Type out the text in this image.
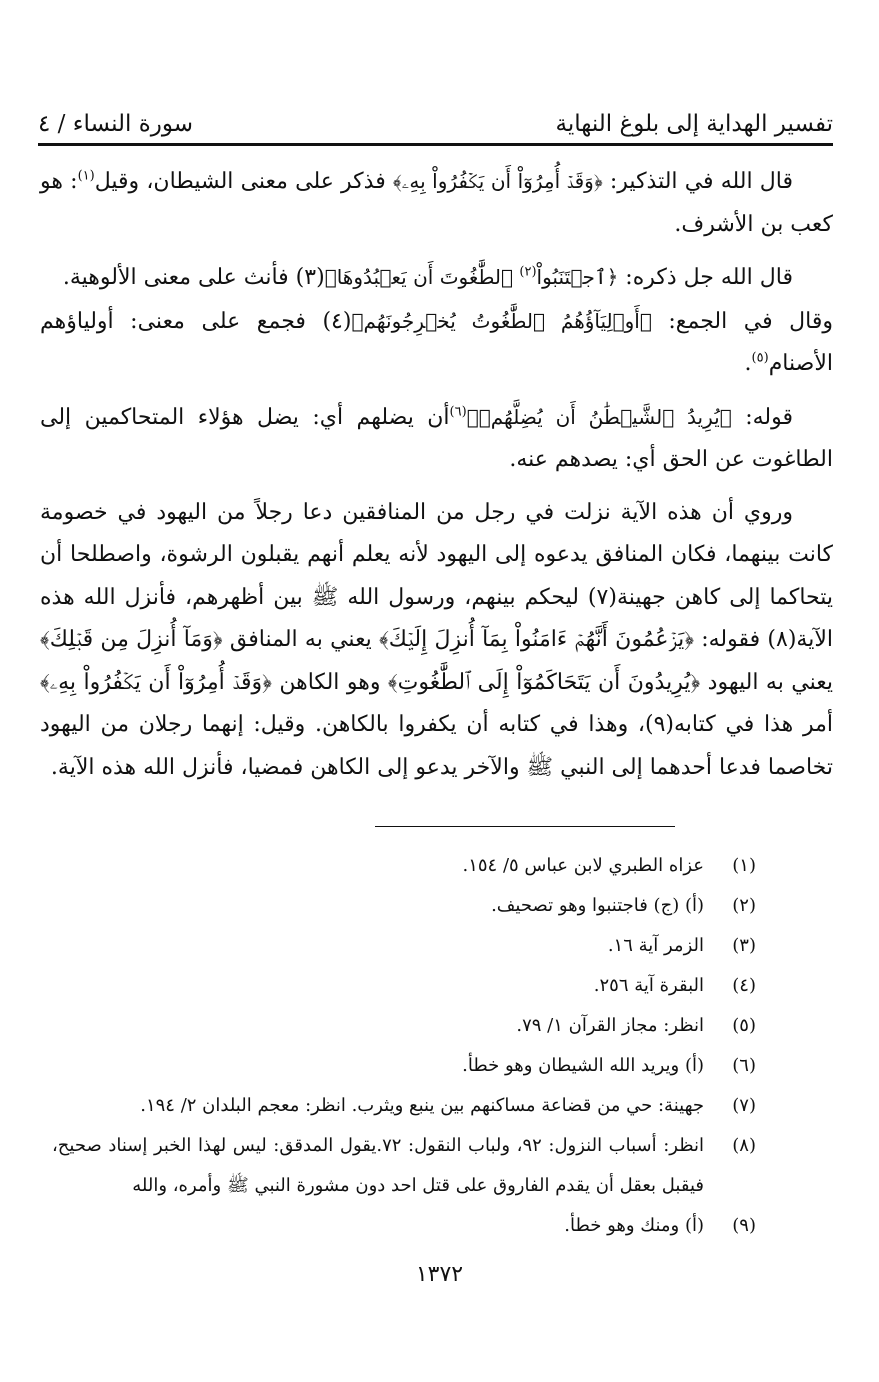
تفسير الهداية إلى بلوغ النهاية
سورة النساء / ٤

قال الله في التذكير: ﴿وَقَدۡ أُمِرُوٓاْ أَن يَكۡفُرُواْ بِهِۦ﴾ فذكر على معنى الشيطان، وقيل$^{(١)}$: هو كعب بن الأشرف.

قال الله جل ذكره: ﴿ٱجۡتَنَبُواْ$^{(٢)}$ ٱلطَّٰغُوتَ أَن يَعۡبُدُوهَا﴾(٣) فأنث على معنى الألوهية.

وقال في الجمع: ﴿أَوۡلِيَآؤُهُمُ ٱلطَّٰغُوتُ يُخۡرِجُونَهُم﴾(٤) فجمع على معنى: أولياؤهم الأصنام$^{(٥)}$.

قوله: ﴿يُرِيدُ ٱلشَّيۡطَٰنُ أَن يُضِلَّهُمۡ﴾$^{(٦)}$أن يضلهم أي: يضل هؤلاء المتحاكمين إلى الطاغوت عن الحق أي: يصدهم عنه.

وروي أن هذه الآية نزلت في رجل من المنافقين دعا رجلاً من اليهود في خصومة كانت بينهما، فكان المنافق يدعوه إلى اليهود لأنه يعلم أنهم يقبلون الرشوة، واصطلحا أن يتحاكما إلى كاهن جهينة(٧) ليحكم بينهم، ورسول الله ﷺ بين أظهرهم، فأنزل الله هذه الآية(٨) فقوله: ﴿يَزۡعُمُونَ أَنَّهُمۡ ءَامَنُواْ بِمَآ أُنزِلَ إِلَيۡكَ﴾ يعني به المنافق ﴿وَمَآ أُنزِلَ مِن قَبۡلِكَ﴾ يعني به اليهود ﴿يُرِيدُونَ أَن يَتَحَاكَمُوٓاْ إِلَى ٱلطَّٰغُوتِ﴾ وهو الكاهن ﴿وَقَدۡ أُمِرُوٓاْ أَن يَكۡفُرُواْ بِهِۦ﴾ أمر هذا في كتابه(٩)، وهذا في كتابه أن يكفروا بالكاهن. وقيل: إنهما رجلان من اليهود تخاصما فدعا أحدهما إلى النبي ﷺ والآخر يدعو إلى الكاهن فمضيا، فأنزل الله هذه الآية.

(١)
عزاه الطبري لابن عباس ٥/ ١٥٤.
(٢)
(أ) (ج) فاجتنبوا وهو تصحيف.
(٣)
الزمر آية ١٦.
(٤)
البقرة آية ٢٥٦.
(٥)
انظر: مجاز القرآن ١/ ٧٩.
(٦)
(أ) ويريد الله الشيطان وهو خطأ.
(٧)
جهينة: حي من قضاعة مساكنهم بين ينبع ويثرب. انظر: معجم البلدان ٢/ ١٩٤.
(٨)
انظر: أسباب النزول: ٩٢، ولباب النقول: ٧٢.يقول المدقق: ليس لهذا الخبر إسناد صحيح، فيقبل بعقل أن يقدم الفاروق على قتل احد دون مشورة النبي ﷺ وأمره، والله
(٩)
(أ) ومنك وهو خطأ.
١٣٧٢
